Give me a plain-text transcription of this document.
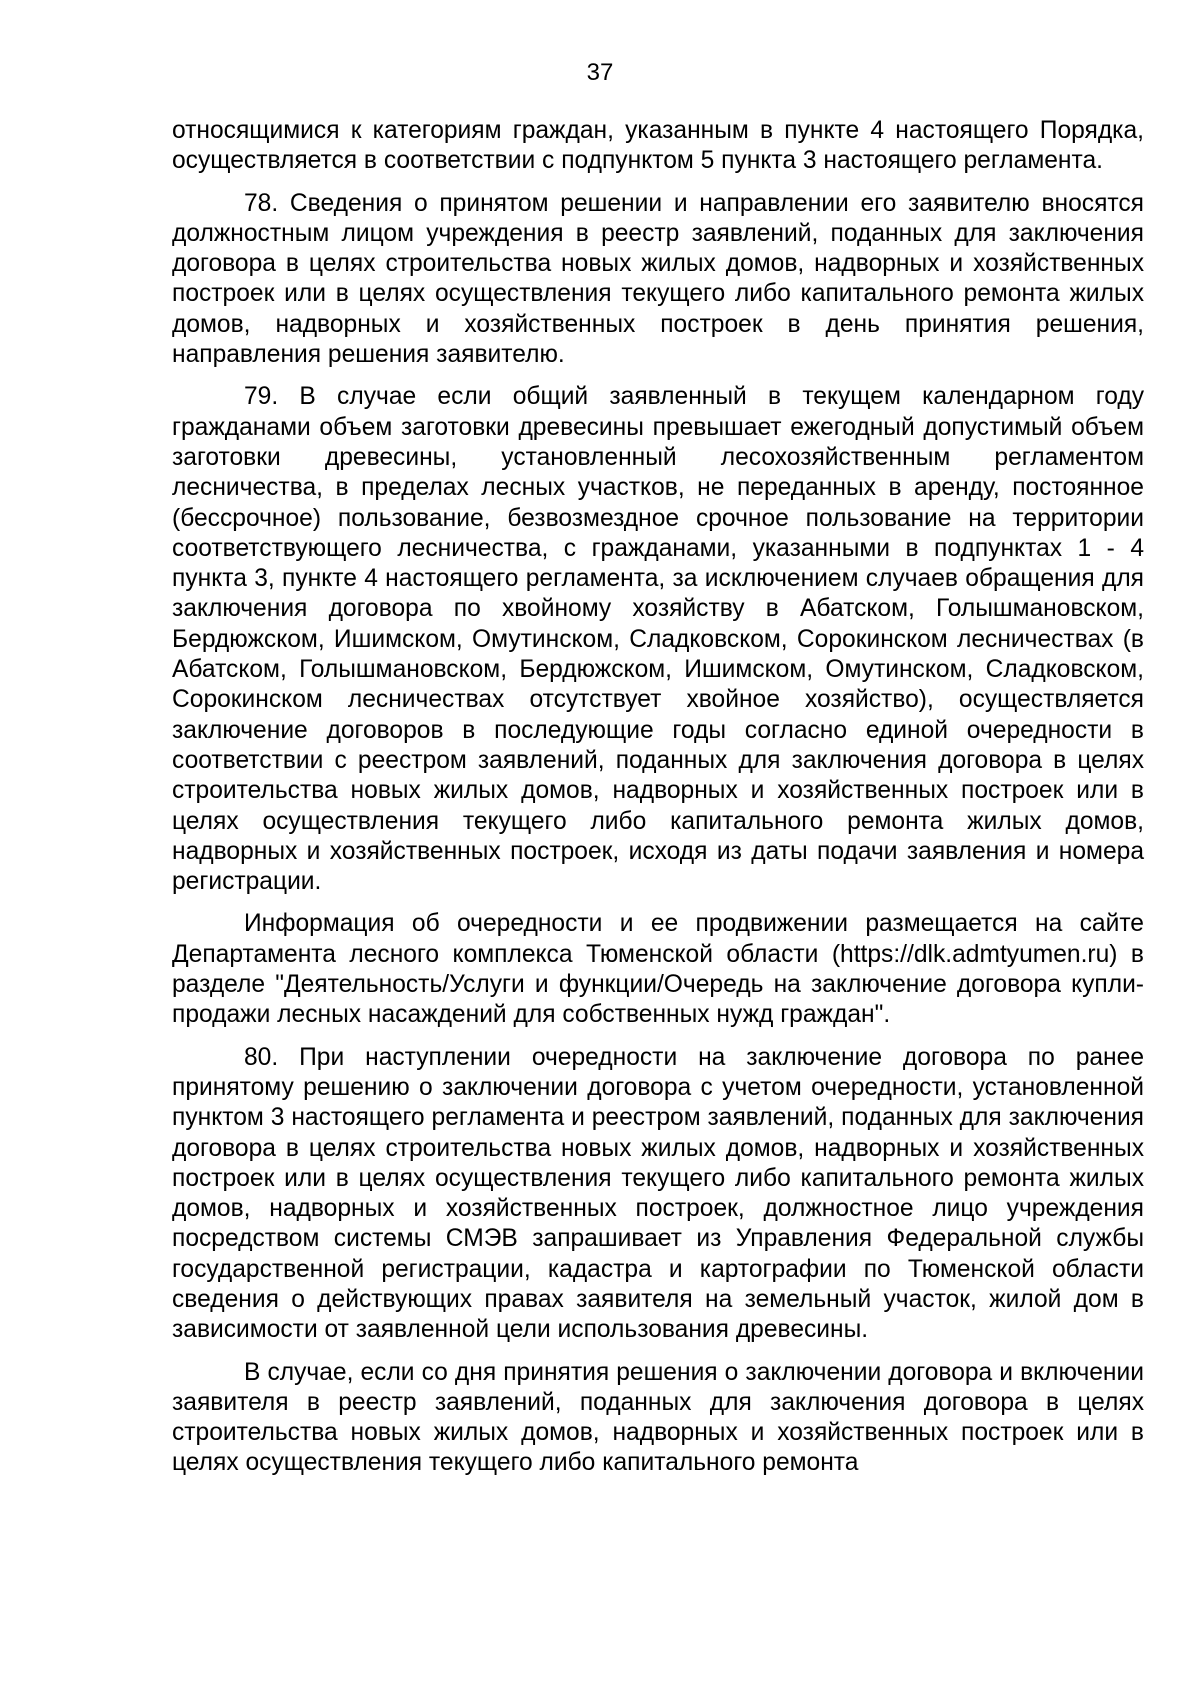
37

относящимися к категориям граждан, указанным в пункте 4 настоящего Порядка, осуществляется в соответствии с подпунктом 5 пункта 3 настоящего регламента.

78. Сведения о принятом решении и направлении его заявителю вносятся должностным лицом учреждения в реестр заявлений, поданных для заключения договора в целях строительства новых жилых домов, надворных и хозяйственных построек или в целях осуществления текущего либо капитального ремонта жилых домов, надворных и хозяйственных построек в день принятия решения, направления решения заявителю.

79. В случае если общий заявленный в текущем календарном году гражданами объем заготовки древесины превышает ежегодный допустимый объем заготовки древесины, установленный лесохозяйственным регламентом лесничества, в пределах лесных участков, не переданных в аренду, постоянное (бессрочное) пользование, безвозмездное срочное пользование на территории соответствующего лесничества, с гражданами, указанными в подпунктах 1 - 4 пункта 3, пункте 4 настоящего регламента, за исключением случаев обращения для заключения договора по хвойному хозяйству в Абатском, Голышмановском, Бердюжском, Ишимском, Омутинском, Сладковском, Сорокинском лесничествах (в Абатском, Голышмановском, Бердюжском, Ишимском, Омутинском, Сладковском, Сорокинском лесничествах отсутствует хвойное хозяйство), осуществляется заключение договоров в последующие годы согласно единой очередности в соответствии с реестром заявлений, поданных для заключения договора в целях строительства новых жилых домов, надворных и хозяйственных построек или в целях осуществления текущего либо капитального ремонта жилых домов, надворных и хозяйственных построек, исходя из даты подачи заявления и номера регистрации.

Информация об очередности и ее продвижении размещается на сайте Департамента лесного комплекса Тюменской области (https://dlk.admtyumen.ru) в разделе "Деятельность/Услуги и функции/Очередь на заключение договора купли-продажи лесных насаждений для собственных нужд граждан".

80. При наступлении очередности на заключение договора по ранее принятому решению о заключении договора с учетом очередности, установленной пунктом 3 настоящего регламента и реестром заявлений, поданных для заключения договора в целях строительства новых жилых домов, надворных и хозяйственных построек или в целях осуществления текущего либо капитального ремонта жилых домов, надворных и хозяйственных построек, должностное лицо учреждения посредством системы СМЭВ запрашивает из Управления Федеральной службы государственной регистрации, кадастра и картографии по Тюменской области сведения о действующих правах заявителя на земельный участок, жилой дом в зависимости от заявленной цели использования древесины.

В случае, если со дня принятия решения о заключении договора и включении заявителя в реестр заявлений, поданных для заключения договора в целях строительства новых жилых домов, надворных и хозяйственных построек или в целях осуществления текущего либо капитального ремонта
